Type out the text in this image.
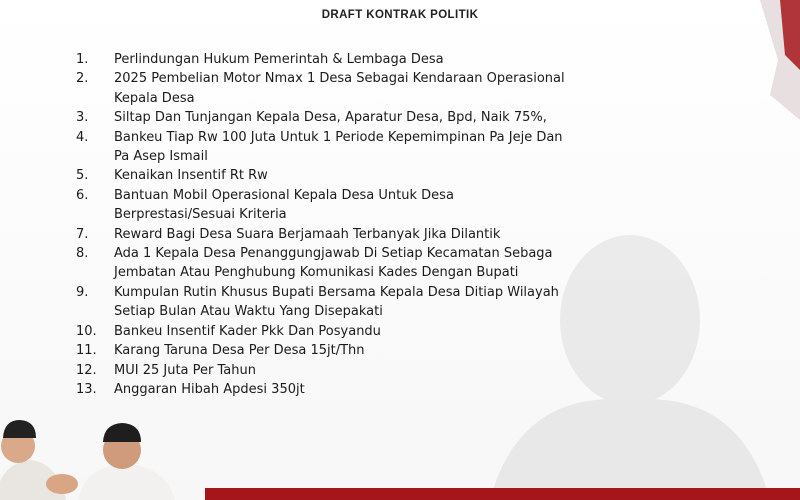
DRAFT KONTRAK POLITIK
1. Perlindungan Hukum Pemerintah & Lembaga Desa
2. 2025 Pembelian Motor Nmax 1 Desa Sebagai Kendaraan Operasional
Kepala Desa
3. Siltap Dan Tunjangan Kepala Desa, Aparatur Desa, Bpd, Naik 75%,
4. Bankeu Tiap Rw 100 Juta Untuk 1 Periode Kepemimpinan Pa Jeje Dan
Pa Asep Ismail
5. Kenaikan Insentif Rt Rw
6. Bantuan Mobil Operasional Kepala Desa Untuk Desa
Berprestasi/Sesuai Kriteria
7. Reward Bagi Desa Suara Berjamaah Terbanyak Jika Dilantik
8. Ada 1 Kepala Desa Penanggungjawab Di Setiap Kecamatan Sebaga
Jembatan Atau Penghubung Komunikasi Kades Dengan Bupati
9. Kumpulan Rutin Khusus Bupati Bersama Kepala Desa Ditiap Wilayah
Setiap Bulan Atau Waktu Yang Disepakati
10. Bankeu Insentif Kader Pkk Dan Posyandu
11. Karang Taruna Desa Per Desa 15jt/Thn
12. MUI 25 Juta Per Tahun
13. Anggaran Hibah Apdesi 350jt
